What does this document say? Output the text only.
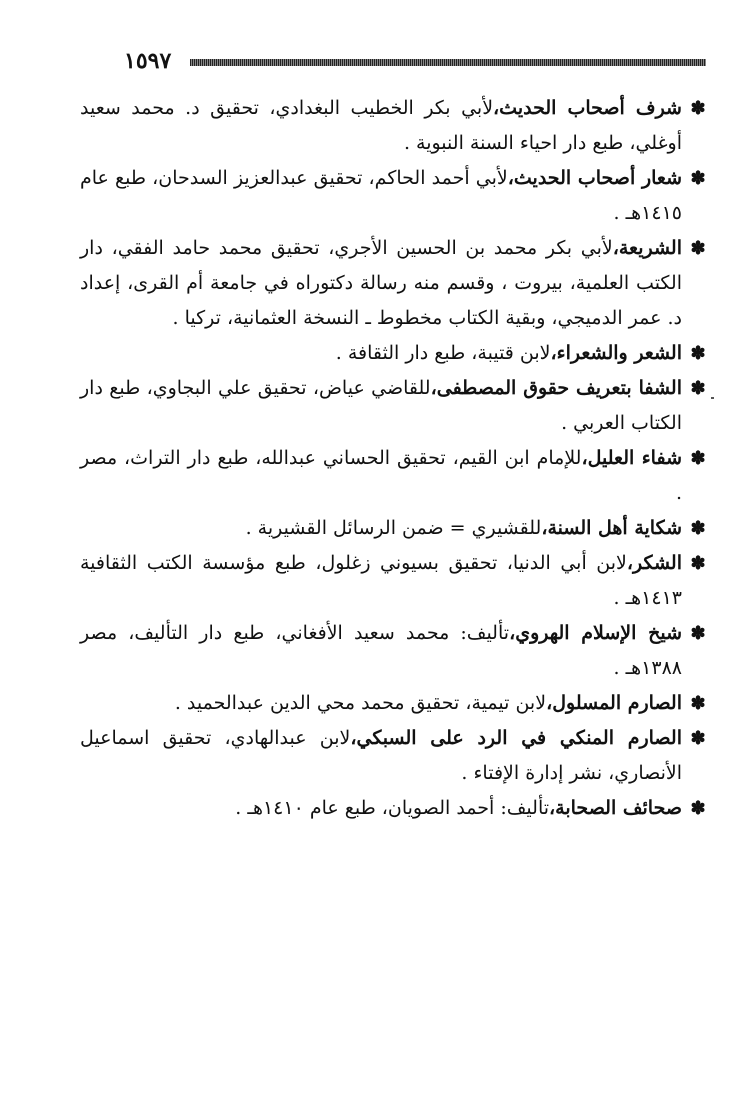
١٥٩٧

✽
شرف أصحاب الحديث،لأبي بكر الخطيب البغدادي، تحقيق د. محمد سعيد أوغلي، طبع دار احياء السنة النبوية .

✽
شعار أصحاب الحديث،لأبي أحمد الحاكم، تحقيق عبدالعزيز السدحان، طبع عام ١٤١٥هـ .

✽
الشريعة،لأبي بكر محمد بن الحسين الأجري، تحقيق محمد حامد الفقي، دار الكتب العلمية، بيروت ، وقسم منه رسالة دكتوراه في جامعة أم القرى، إعداد د. عمر الدميجي، وبقية الكتاب مخطوط ـ النسخة العثمانية، تركيا .

✽
الشعر والشعراء،لابن قتيبة، طبع دار الثقافة .

✽
الشفا بتعريف حقوق المصطفى،للقاضي عياض، تحقيق علي البجاوي، طبع دار الكتاب العربي .

✽
شفاء العليل،للإمام ابن القيم، تحقيق الحساني عبدالله، طبع دار التراث، مصر .

✽
شكاية أهل السنة،للقشيري = ضمن الرسائل القشيرية .

✽
الشكر،لابن أبي الدنيا، تحقيق بسيوني زغلول، طبع مؤسسة الكتب الثقافية ١٤١٣هـ .

✽
شيخ الإسلام الهروي،تأليف: محمد سعيد الأفغاني، طبع دار التأليف، مصر ١٣٨٨هـ .

✽
الصارم المسلول،لابن تيمية، تحقيق محمد محي الدين عبدالحميد .

✽
الصارم المنكي في الرد على السبكي،لابن عبدالهادي، تحقيق اسماعيل الأنصاري، نشر إدارة الإفتاء .

✽
صحائف الصحابة،تأليف: أحمد الصويان، طبع عام ١٤١٠هـ .
